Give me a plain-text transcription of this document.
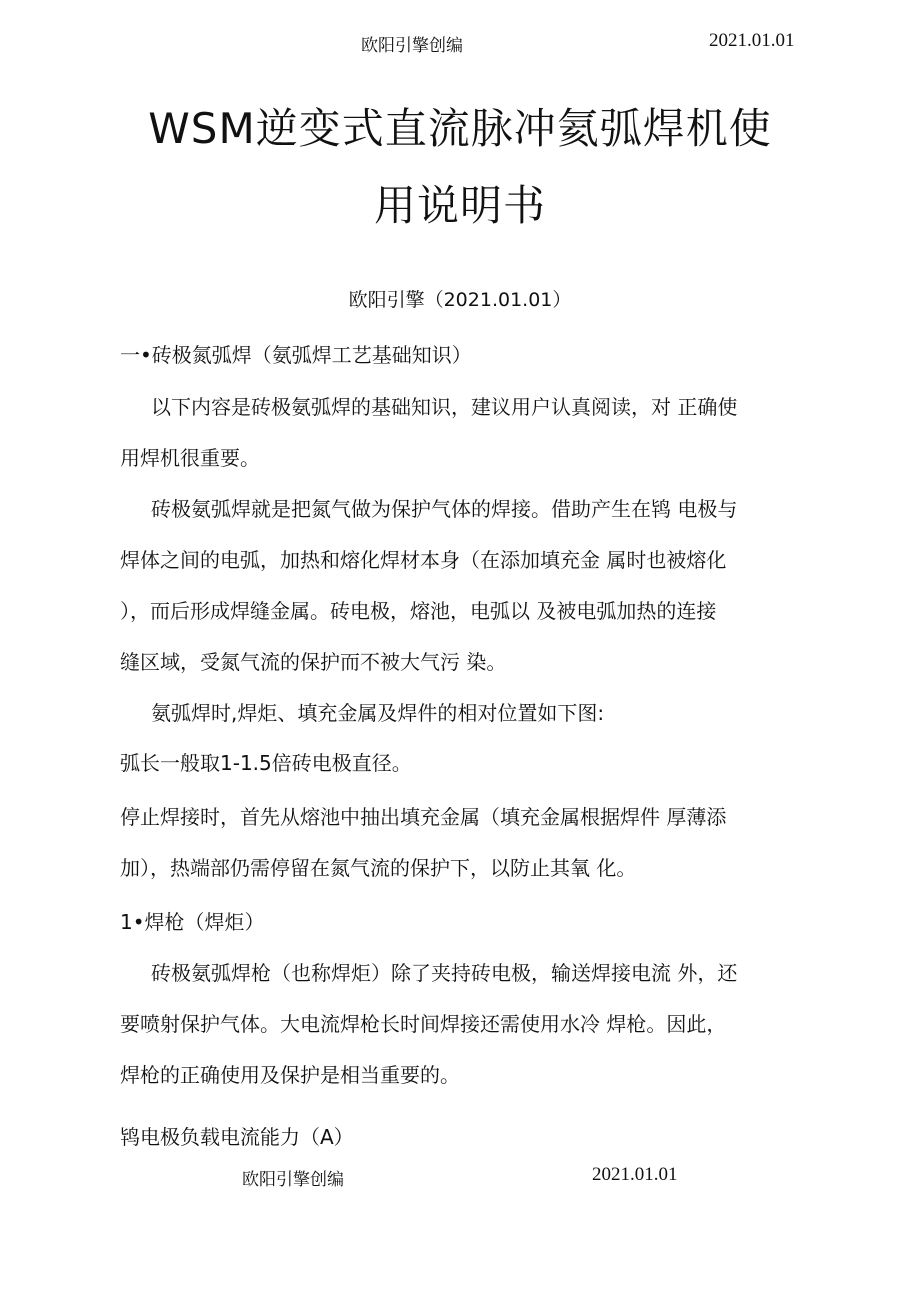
欧阳引擎创编	2021.01.01
WSM逆变式直流脉冲氦弧焊机使
用说明书
欧阳引擎（2021.01.01）
一•砖极氮弧焊（氨弧焊工艺基础知识）
以下内容是砖极氨弧焊的基础知识，建议用户认真阅读，对 正确使
用焊机很重要。
砖极氨弧焊就是把氮气做为保护气体的焊接。借助产生在鸨 电极与
焊体之间的电弧，加热和熔化焊材本身（在添加填充金 属时也被熔化
），而后形成焊缝金属。砖电极，熔池，电弧以 及被电弧加热的连接
缝区域，受氮气流的保护而不被大气污 染。
氨弧焊时,焊炬、填充金属及焊件的相对位置如下图:
弧长一般取1-1.5倍砖电极直径。
停止焊接时，首先从熔池中抽出填充金属（填充金属根据焊件 厚薄添
加），热端部仍需停留在氮气流的保护下，以防止其氧 化。
1•焊枪（焊炬）
砖极氨弧焊枪（也称焊炬）除了夹持砖电极，输送焊接电流 外，还
要喷射保护气体。大电流焊枪长时间焊接还需使用水冷 焊枪。因此，
焊枪的正确使用及保护是相当重要的。
鸨电极负载电流能力（A）
欧阳引擎创编	2021.01.01
